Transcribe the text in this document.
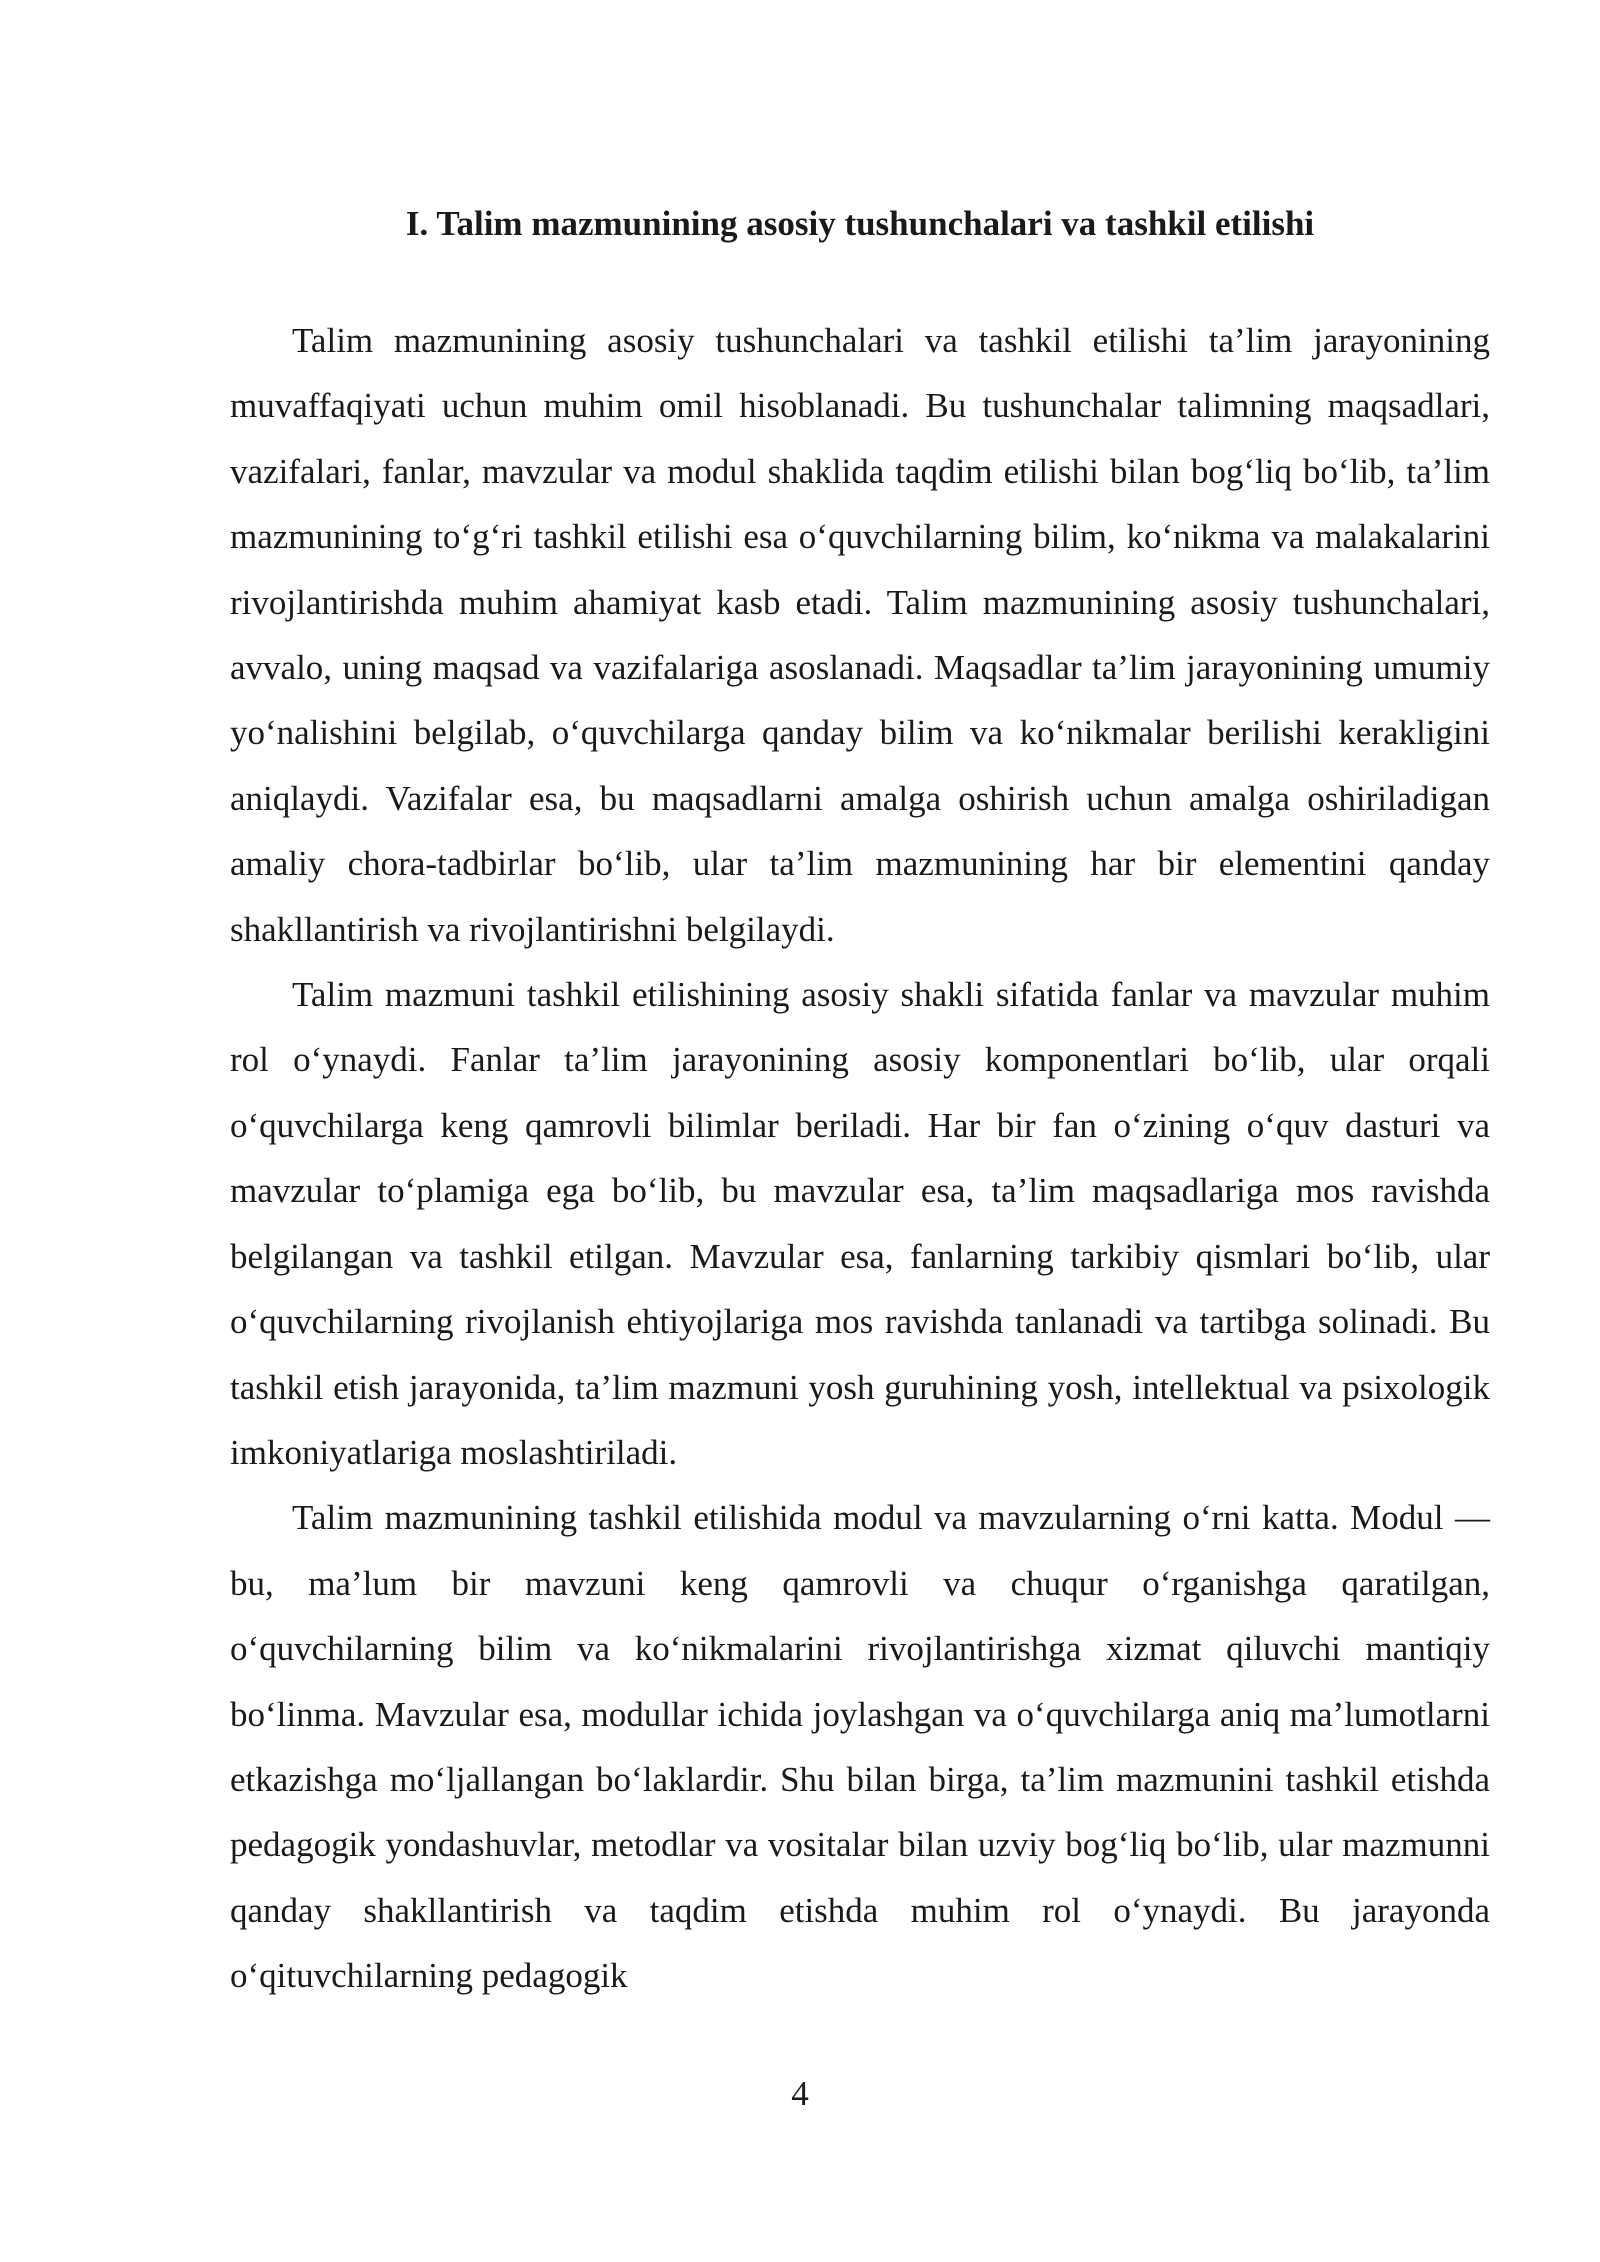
I. Talim mazmunining asosiy tushunchalari va tashkil etilishi

Talim mazmunining asosiy tushunchalari va tashkil etilishi ta’lim jarayonining muvaffaqiyati uchun muhim omil hisoblanadi. Bu tushunchalar talimning maqsadlari, vazifalari, fanlar, mavzular va modul shaklida taqdim etilishi bilan bog‘liq bo‘lib, ta’lim mazmunining to‘g‘ri tashkil etilishi esa o‘quvchilarning bilim, ko‘nikma va malakalarini rivojlantirishda muhim ahamiyat kasb etadi. Talim mazmunining asosiy tushunchalari, avvalo, uning maqsad va vazifalariga asoslanadi. Maqsadlar ta’lim jarayonining umumiy yo‘nalishini belgilab, o‘quvchilarga qanday bilim va ko‘nikmalar berilishi kerakligini aniqlaydi. Vazifalar esa, bu maqsadlarni amalga oshirish uchun amalga oshiriladigan amaliy chora-tadbirlar bo‘lib, ular ta’lim mazmunining har bir elementini qanday shakllantirish va rivojlantirishni belgilaydi.

Talim mazmuni tashkil etilishining asosiy shakli sifatida fanlar va mavzular muhim rol o‘ynaydi. Fanlar ta’lim jarayonining asosiy komponentlari bo‘lib, ular orqali o‘quvchilarga keng qamrovli bilimlar beriladi. Har bir fan o‘zining o‘quv dasturi va mavzular to‘plamiga ega bo‘lib, bu mavzular esa, ta’lim maqsadlariga mos ravishda belgilangan va tashkil etilgan. Mavzular esa, fanlarning tarkibiy qismlari bo‘lib, ular o‘quvchilarning rivojlanish ehtiyojlariga mos ravishda tanlanadi va tartibga solinadi. Bu tashkil etish jarayonida, ta’lim mazmuni yosh guruhining yosh, intellektual va psixologik imkoniyatlariga moslashtiriladi.

Talim mazmunining tashkil etilishida modul va mavzularning o‘rni katta. Modul — bu, ma’lum bir mavzuni keng qamrovli va chuqur o‘rganishga qaratilgan, o‘quvchilarning bilim va ko‘nikmalarini rivojlantirishga xizmat qiluvchi mantiqiy bo‘linma. Mavzular esa, modullar ichida joylashgan va o‘quvchilarga aniq ma’lumotlarni etkazishga mo‘ljallangan bo‘laklardir. Shu bilan birga, ta’lim mazmunini tashkil etishda pedagogik yondashuvlar, metodlar va vositalar bilan uzviy bog‘liq bo‘lib, ular mazmunni qanday shakllantirish va taqdim etishda muhim rol o‘ynaydi. Bu jarayonda o‘qituvchilarning pedagogik

4
